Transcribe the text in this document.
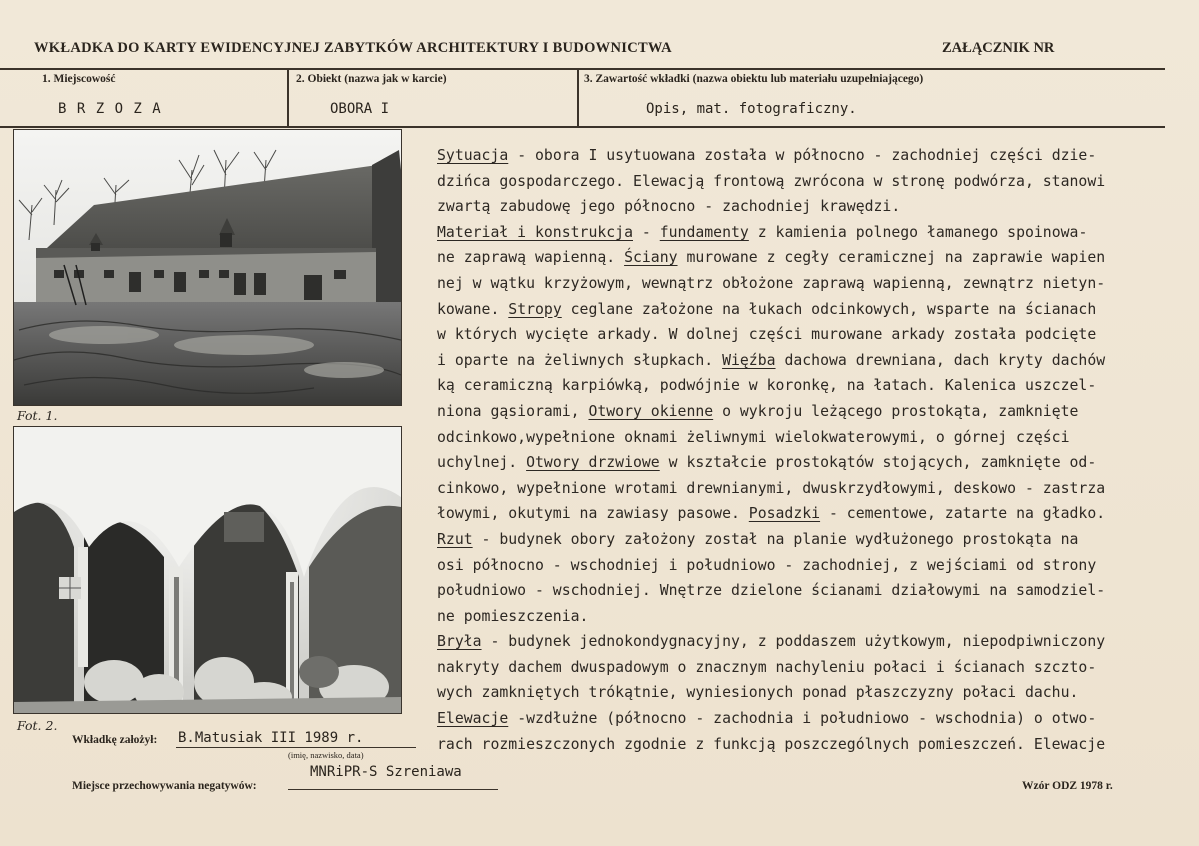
WKŁADKA DO KARTY EWIDENCYJNEJ ZABYTKÓW ARCHITEKTURY I BUDOWNICTWA	ZAŁĄCZNIK NR
1. Miejscowość
B R Z O Z A
2. Obiekt (nazwa jak w karcie)
OBORA I
3. Zawartość wkładki (nazwa obiektu lub materiału uzupełniającego)
Opis, mat. fotograficzny.
Fot. 1.
Fot. 2.
Sytuacja - obora I usytuowana została w północno - zachodniej części dzie-
dzińca gospodarczego. Elewacją frontową zwrócona w stronę podwórza, stanowi
zwartą zabudowę jego północno - zachodniej krawędzi.
Materiał i konstrukcja - fundamenty z kamienia polnego łamanego spoinowa-
ne zaprawą wapienną. Ściany murowane z cegły ceramicznej na zaprawie wapien
nej w wątku krzyżowym, wewnątrz obłożone zaprawą wapienną, zewnątrz nietyn-
kowane. Stropy ceglane założone na łukach odcinkowych, wsparte na ścianach
w których wycięte arkady. W dolnej części murowane arkady została podcięte
i oparte na żeliwnych słupkach. Więźba dachowa drewniana, dach kryty dachów
ką ceramiczną karpiówką, podwójnie w koronkę, na łatach. Kalenica uszczel-
niona gąsiorami, Otwory okienne o wykroju leżącego prostokąta, zamknięte
odcinkowo,wypełnione oknami żeliwnymi wielokwaterowymi, o górnej części
uchylnej. Otwory drzwiowe w kształcie prostokątów stojących, zamknięte od-
cinkowo, wypełnione wrotami drewnianymi, dwuskrzydłowymi, deskowo - zastrza
łowymi, okutymi na zawiasy pasowe. Posadzki - cementowe, zatarte na gładko.
Rzut - budynek obory założony został na planie wydłużonego prostokąta na
osi północno - wschodniej i południowo - zachodniej, z wejściami od strony
południowo - wschodniej. Wnętrze dzielone ścianami działowymi na samodziel-
ne pomieszczenia.
Bryła - budynek jednokondygnacyjny, z poddaszem użytkowym, niepodpiwniczony
nakryty dachem dwuspadowym o znacznym nachyleniu połaci i ścianach szczto-
wych zamkniętych trókątnie, wyniesionych ponad płaszczyzny połaci dachu.
Elewacje -wzdłużne (północno - zachodnia i południowo - wschodnia) o otwo-
rach rozmieszczonych zgodnie z funkcją poszczególnych pomieszczeń. Elewacje
Wkładkę założył: B.Matusiak III 1989 r.
(imię, nazwisko, data)
Miejsce przechowywania negatywów:
MNRiPR-S Szreniawa
Wzór ODZ 1978 r.
